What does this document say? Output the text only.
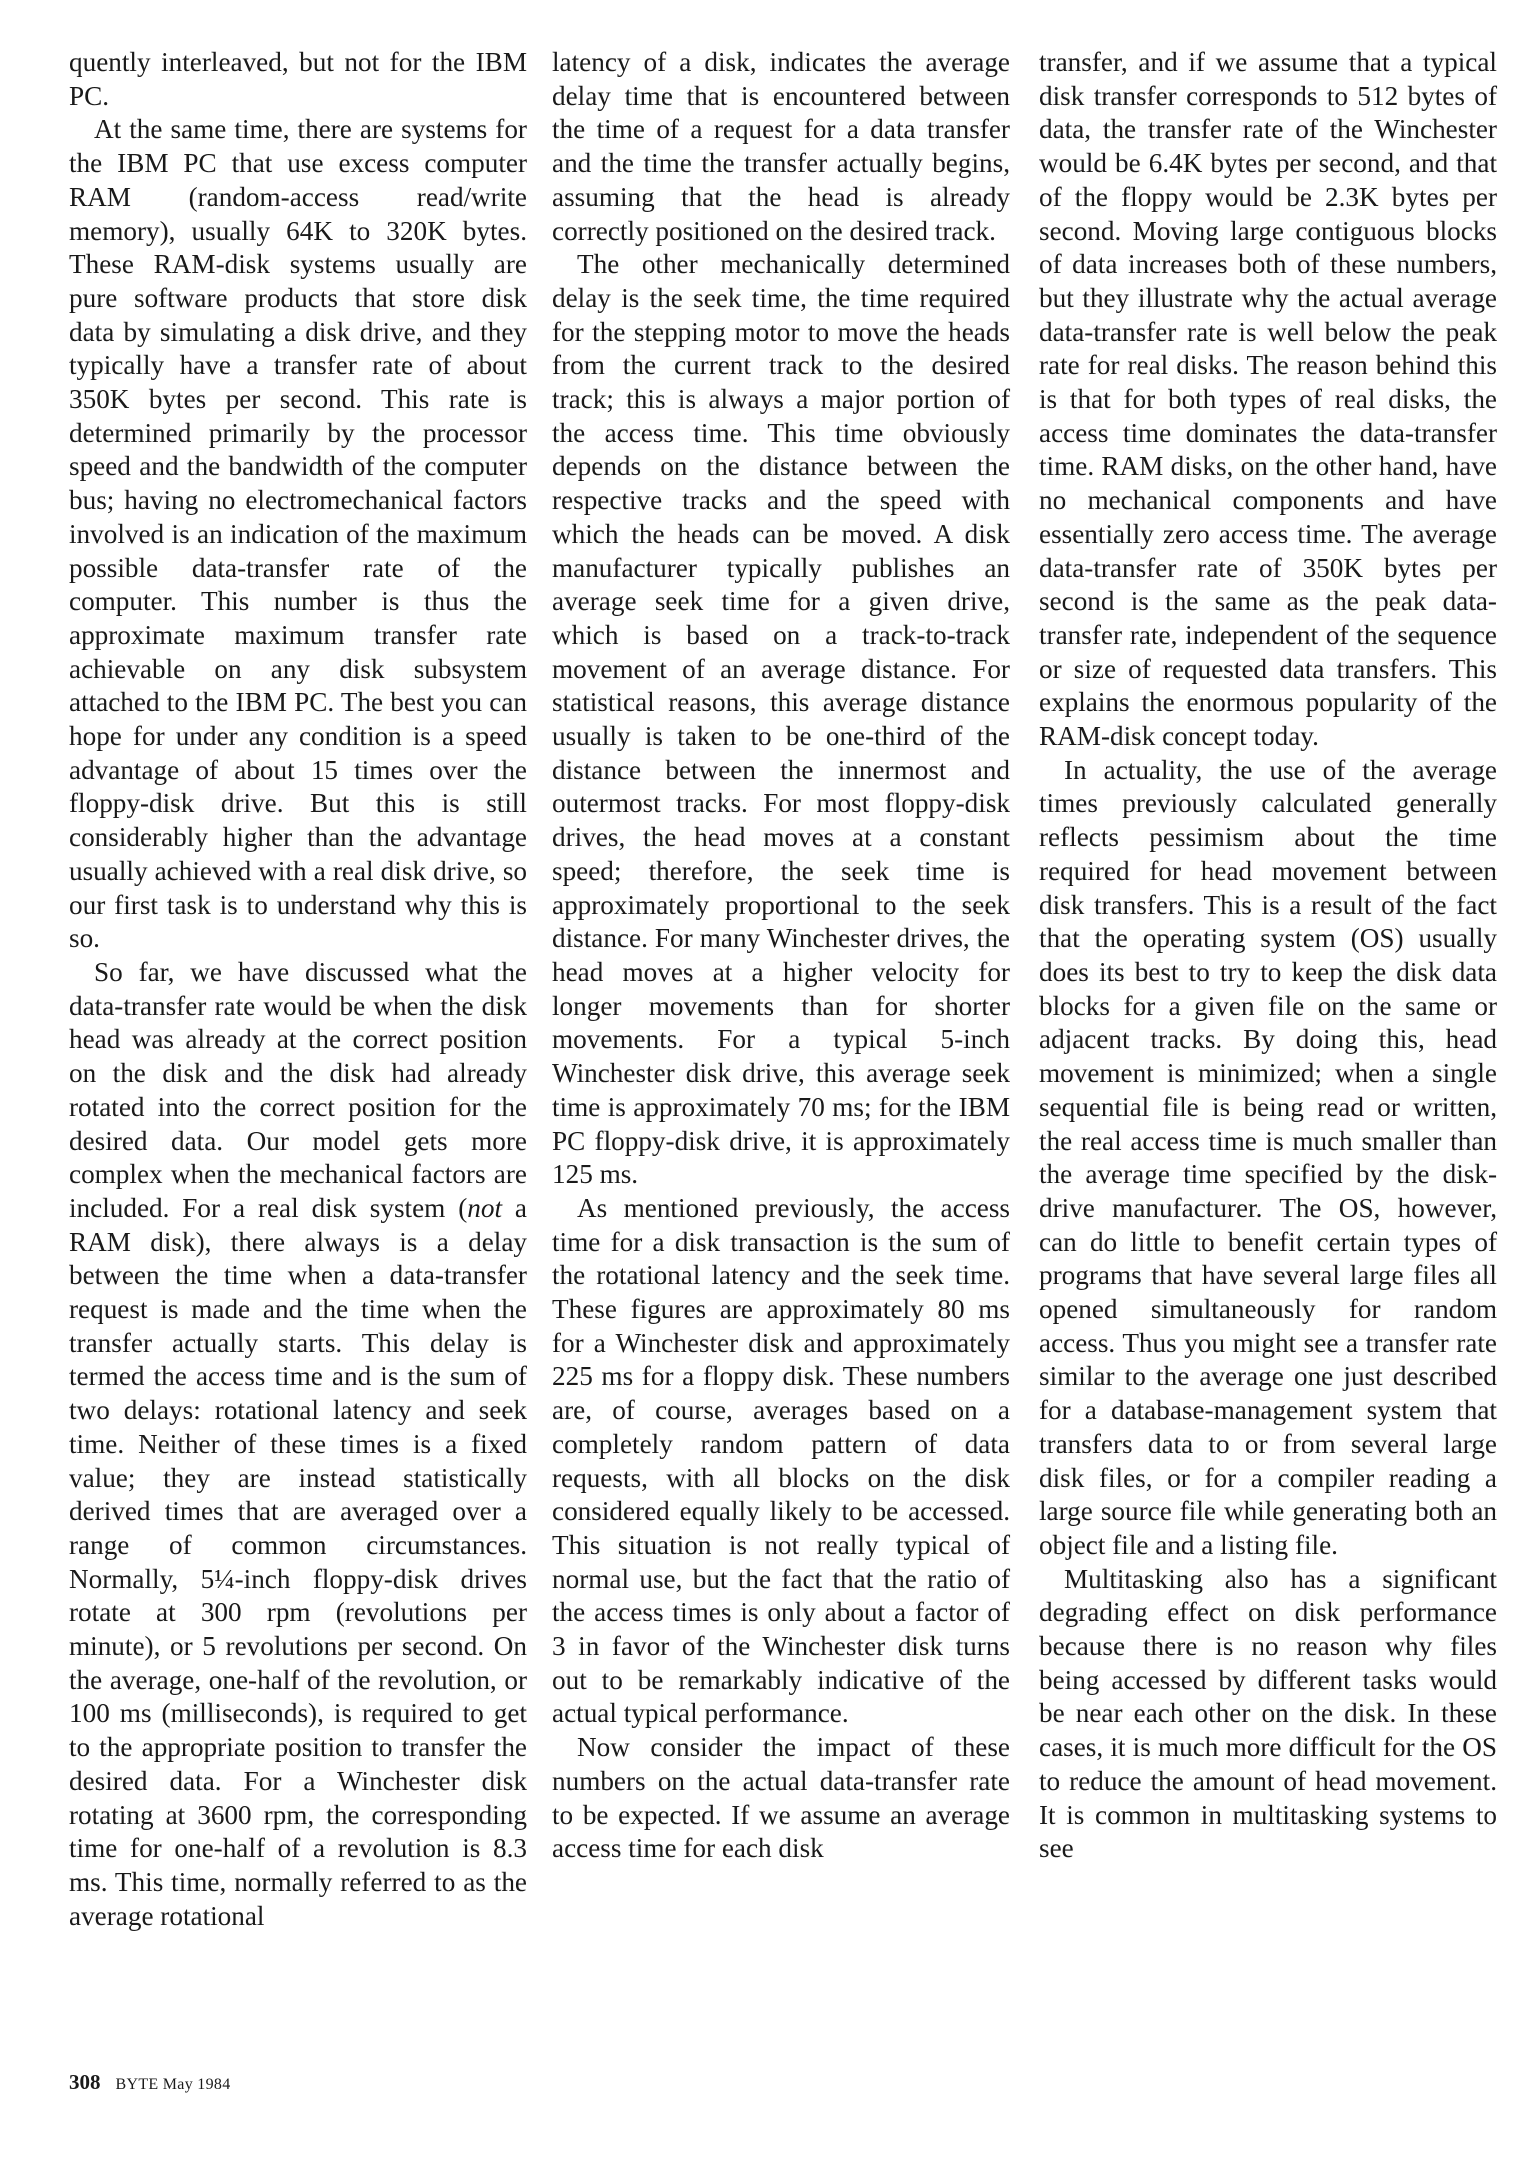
quently interleaved, but not for the IBM PC.

At the same time, there are systems for the IBM PC that use excess computer RAM (random-access read/write memory), usually 64K to 320K bytes. These RAM-disk systems usually are pure software products that store disk data by simulating a disk drive, and they typically have a transfer rate of about 350K bytes per second. This rate is determined primarily by the processor speed and the bandwidth of the computer bus; having no electromechanical factors involved is an indication of the maximum possible data-transfer rate of the computer. This number is thus the approximate maximum transfer rate achievable on any disk subsystem attached to the IBM PC. The best you can hope for under any condition is a speed advantage of about 15 times over the floppy-disk drive. But this is still considerably higher than the advantage usually achieved with a real disk drive, so our first task is to understand why this is so.

So far, we have discussed what the data-transfer rate would be when the disk head was already at the correct position on the disk and the disk had already rotated into the correct position for the desired data. Our model gets more complex when the mechanical factors are included. For a real disk system (not a RAM disk), there always is a delay between the time when a data-transfer request is made and the time when the transfer actually starts. This delay is termed the access time and is the sum of two delays: rotational latency and seek time. Neither of these times is a fixed value; they are instead statistically derived times that are averaged over a range of common circumstances. Normally, 5¼-inch floppy-disk drives rotate at 300 rpm (revolutions per minute), or 5 revolutions per second. On the average, one-half of the revolution, or 100 ms (milliseconds), is required to get to the appropriate position to transfer the desired data. For a Winchester disk rotating at 3600 rpm, the corresponding time for one-half of a revolution is 8.3 ms. This time, normally referred to as the average rotational

latency of a disk, indicates the average delay time that is encountered between the time of a request for a data transfer and the time the transfer actually begins, assuming that the head is already correctly positioned on the desired track.

The other mechanically determined delay is the seek time, the time required for the stepping motor to move the heads from the current track to the desired track; this is always a major portion of the access time. This time obviously depends on the distance between the respective tracks and the speed with which the heads can be moved. A disk manufacturer typically publishes an average seek time for a given drive, which is based on a track-to-track movement of an average distance. For statistical reasons, this average distance usually is taken to be one-third of the distance between the innermost and outermost tracks. For most floppy-disk drives, the head moves at a constant speed; therefore, the seek time is approximately proportional to the seek distance. For many Winchester drives, the head moves at a higher velocity for longer movements than for shorter movements. For a typical 5-inch Winchester disk drive, this average seek time is approximately 70 ms; for the IBM PC floppy-disk drive, it is approximately 125 ms.

As mentioned previously, the access time for a disk transaction is the sum of the rotational latency and the seek time. These figures are approximately 80 ms for a Winchester disk and approximately 225 ms for a floppy disk. These numbers are, of course, averages based on a completely random pattern of data requests, with all blocks on the disk considered equally likely to be accessed. This situation is not really typical of normal use, but the fact that the ratio of the access times is only about a factor of 3 in favor of the Winchester disk turns out to be remarkably indicative of the actual typical performance.

Now consider the impact of these numbers on the actual data-transfer rate to be expected. If we assume an average access time for each disk

transfer, and if we assume that a typical disk transfer corresponds to 512 bytes of data, the transfer rate of the Winchester would be 6.4K bytes per second, and that of the floppy would be 2.3K bytes per second. Moving large contiguous blocks of data increases both of these numbers, but they illustrate why the actual average data-transfer rate is well below the peak rate for real disks. The reason behind this is that for both types of real disks, the access time dominates the data-transfer time. RAM disks, on the other hand, have no mechanical components and have essentially zero access time. The average data-transfer rate of 350K bytes per second is the same as the peak data-transfer rate, independent of the sequence or size of requested data transfers. This explains the enormous popularity of the RAM-disk concept today.

In actuality, the use of the average times previously calculated generally reflects pessimism about the time required for head movement between disk transfers. This is a result of the fact that the operating system (OS) usually does its best to try to keep the disk data blocks for a given file on the same or adjacent tracks. By doing this, head movement is minimized; when a single sequential file is being read or written, the real access time is much smaller than the average time specified by the disk-drive manufacturer. The OS, however, can do little to benefit certain types of programs that have several large files all opened simultaneously for random access. Thus you might see a transfer rate similar to the average one just described for a database-management system that transfers data to or from several large disk files, or for a compiler reading a large source file while generating both an object file and a listing file.

Multitasking also has a significant degrading effect on disk performance because there is no reason why files being accessed by different tasks would be near each other on the disk. In these cases, it is much more difficult for the OS to reduce the amount of head movement. It is common in multitasking systems to see

308 BYTE May 1984
